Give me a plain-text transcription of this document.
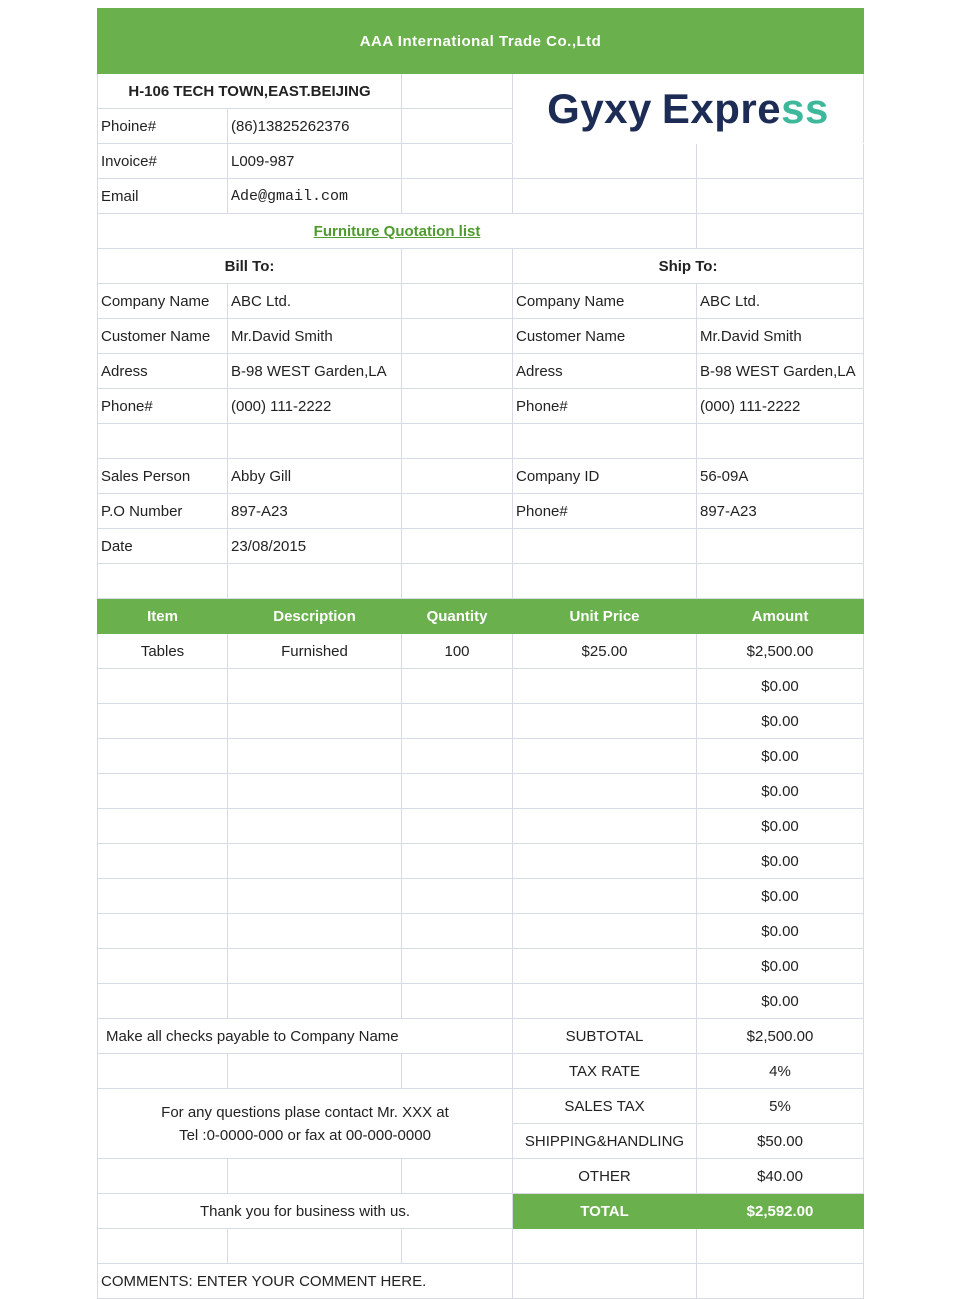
AAA International Trade Co.,Ltd				
H-106 TECH TOWN,EAST.BEIJING			Gyxy Express	
Phoine#	(86)13825262376			
Invoice#	L009-987			
Email	Ade@gmail.com			
Furniture Quotation list				
Bill To:			Ship To:	
Company Name	ABC Ltd.		Company Name	ABC Ltd.
Customer Name	Mr.David Smith		Customer Name	Mr.David Smith
Adress	B-98 WEST Garden,LA		Adress	B-98 WEST Garden,LA
Phone#	(000) 111-2222		Phone#	(000) 111-2222

Sales Person	Abby Gill		Company ID	56-09A
P.O Number	897-A23		Phone#	897-A23
Date	23/08/2015			

Item	Description	Quantity	Unit Price	Amount
Tables	Furnished	100	$25.00	$2,500.00
				$0.00
				$0.00
				$0.00
				$0.00
				$0.00
				$0.00
				$0.00
				$0.00
				$0.00
				$0.00
Make all checks payable to Company Name			SUBTOTAL	$2,500.00
			TAX RATE	4%

For any questions plase contact Mr. XXX at
Tel :0-0000-000 or fax at 00-000-0000			SALES TAX	5%
			SHIPPING&HANDLING	$50.00
			OTHER	$40.00
Thank you for business with us.			TOTAL	$2,592.00

COMMENTS: ENTER YOUR COMMENT HERE.				
